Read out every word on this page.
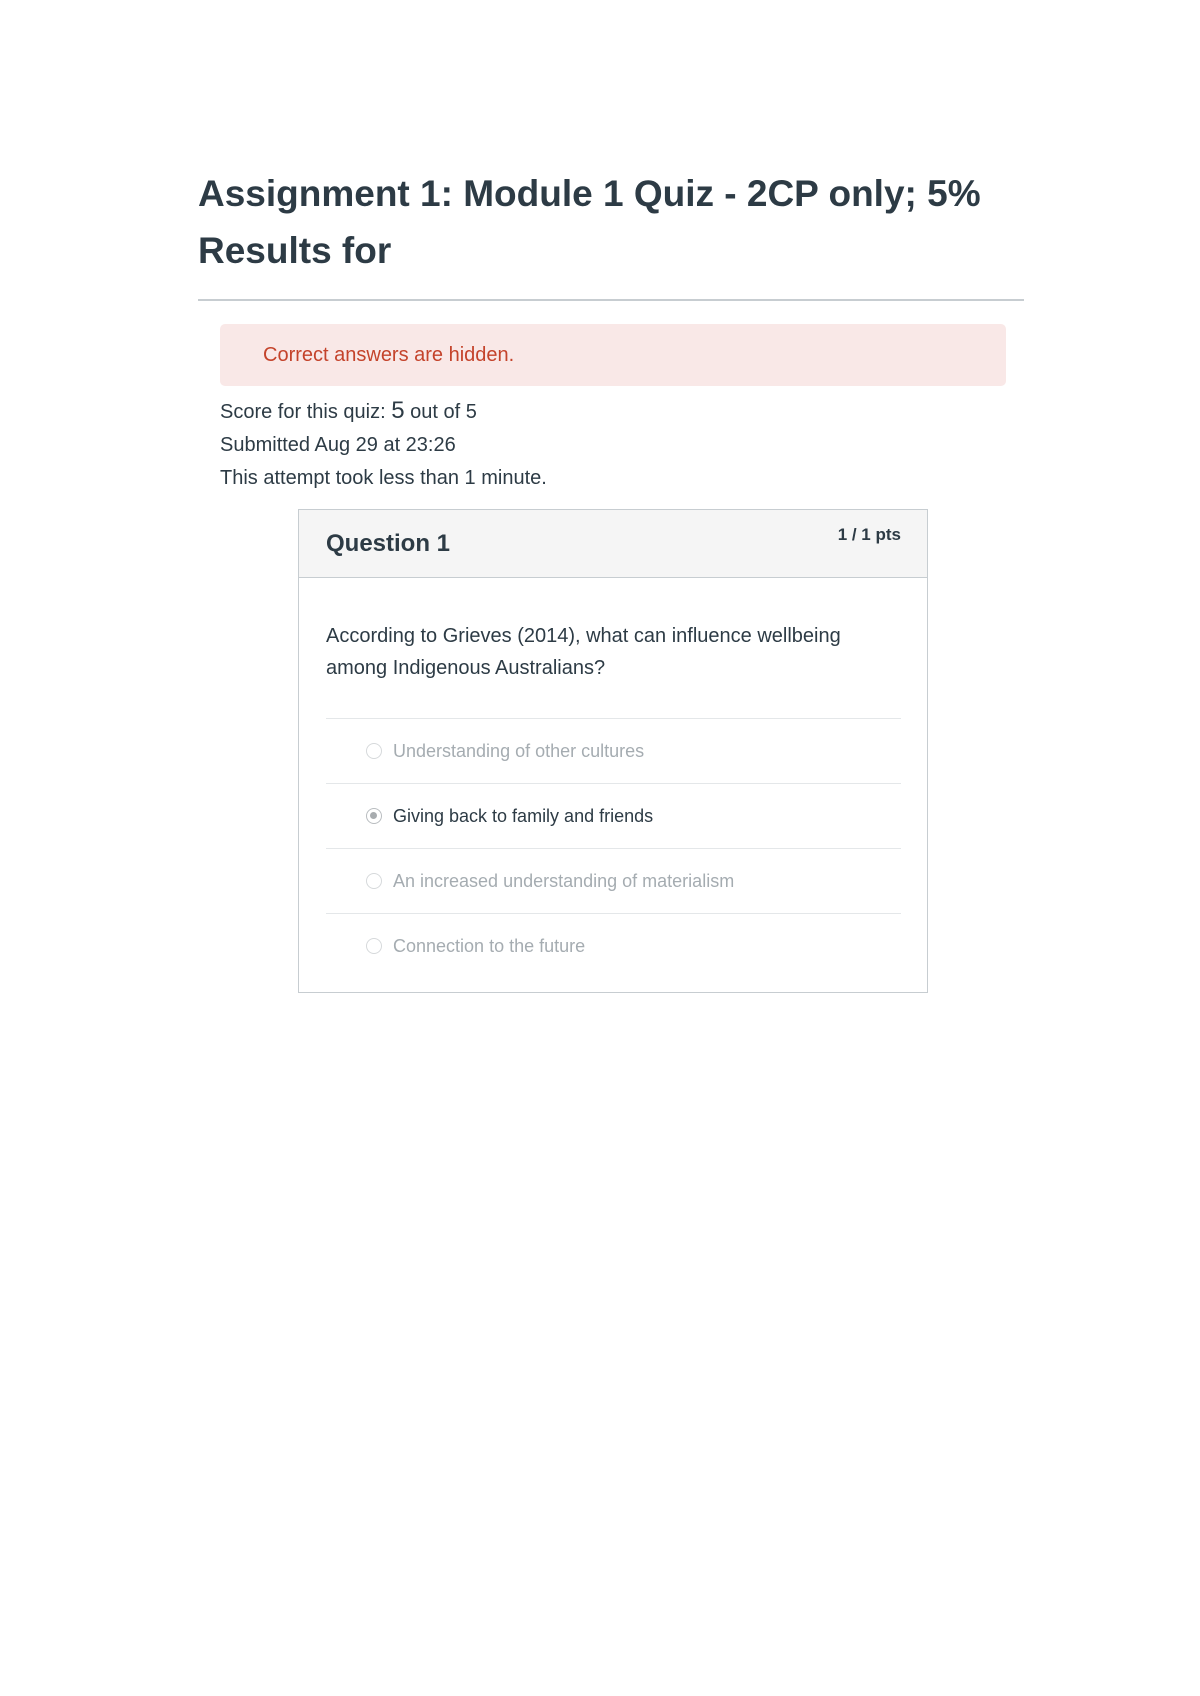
Assignment 1: Module 1 Quiz - 2CP only; 5%
Results for
Correct answers are hidden.
Score for this quiz: 5 out of 5
Submitted Aug 29 at 23:26
This attempt took less than 1 minute.
Question 1	1 / 1 pts

According to Grieves (2014), what can influence wellbeing among Indigenous Australians?

Understanding of other cultures
Giving back to family and friends
An increased understanding of materialism
Connection to the future
